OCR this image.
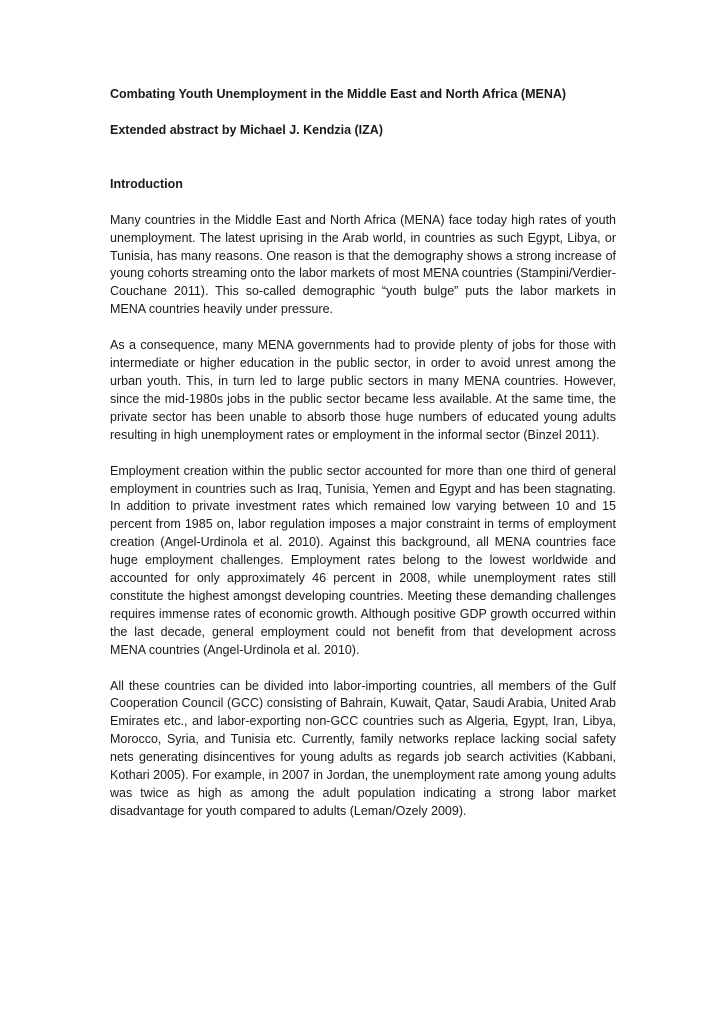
Combating Youth Unemployment in the Middle East and North Africa (MENA)
Extended abstract by Michael J. Kendzia (IZA)
Introduction

Many countries in the Middle East and North Africa (MENA) face today high rates of youth unemployment. The latest uprising in the Arab world, in countries as such Egypt, Libya, or Tunisia, has many reasons. One reason is that the demography shows a strong increase of young cohorts streaming onto the labor markets of most MENA countries (Stampini/Verdier-Couchane 2011). This so-called demographic “youth bulge” puts the labor markets in MENA countries heavily under pressure.

As a consequence, many MENA governments had to provide plenty of jobs for those with intermediate or higher education in the public sector, in order to avoid unrest among the urban youth. This, in turn led to large public sectors in many MENA countries. However, since the mid-1980s jobs in the public sector became less available. At the same time, the private sector has been unable to absorb those huge numbers of educated young adults resulting in high unemployment rates or employment in the informal sector (Binzel 2011).

Employment creation within the public sector accounted for more than one third of general employment in countries such as Iraq, Tunisia, Yemen and Egypt and has been stagnating. In addition to private investment rates which remained low varying between 10 and 15 percent from 1985 on, labor regulation imposes a major constraint in terms of employment creation (Angel-Urdinola et al. 2010). Against this background, all MENA countries face huge employment challenges. Employment rates belong to the lowest worldwide and accounted for only approximately 46 percent in 2008, while unemployment rates still constitute the highest amongst developing countries. Meeting these demanding challenges requires immense rates of economic growth. Although positive GDP growth occurred within the last decade, general employment could not benefit from that development across MENA countries (Angel-Urdinola et al. 2010).

All these countries can be divided into labor-importing countries, all members of the Gulf Cooperation Council (GCC) consisting of Bahrain, Kuwait, Qatar, Saudi Arabia, United Arab Emirates etc., and labor-exporting non-GCC countries such as Algeria, Egypt, Iran, Libya, Morocco, Syria, and Tunisia etc. Currently, family networks replace lacking social safety nets generating disincentives for young adults as regards job search activities (Kabbani, Kothari 2005). For example, in 2007 in Jordan, the unemployment rate among young adults was twice as high as among the adult population indicating a strong labor market disadvantage for youth compared to adults (Leman/Ozely 2009).
